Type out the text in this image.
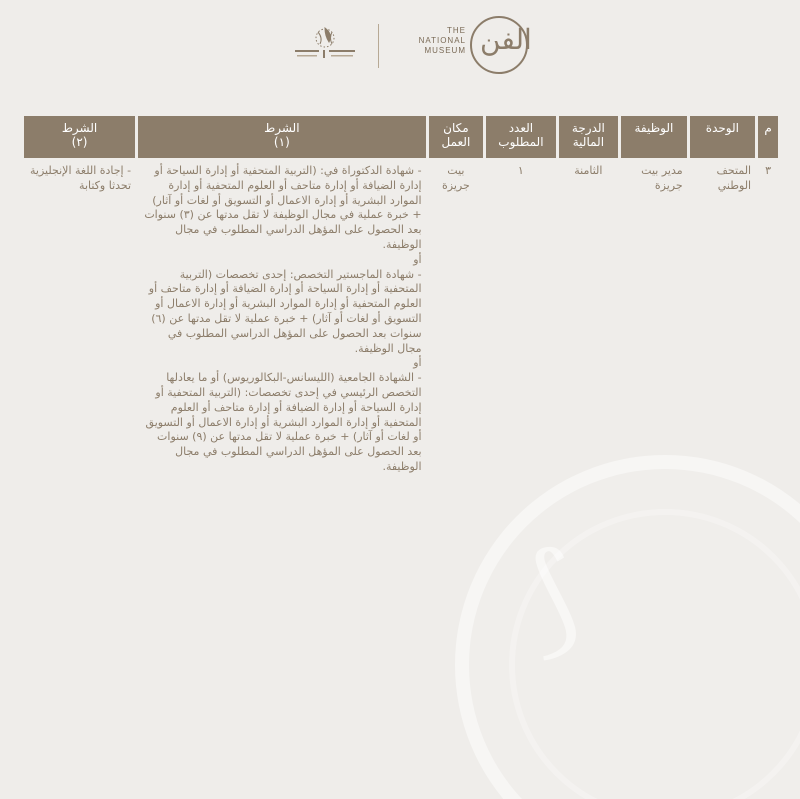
⟆
THE
NATIONAL
MUSEUM الفن
م
الوحدة
الوظيفة
الدرجة المالية
العدد المطلوب
مكان العمل
الشرط
(١)
الشرط
(٢)
٣
المتحف الوطني
مدير بيت جريزة
الثامنة
١
بيت جريزة

- شهادة الدكتوراة في: (التربية المتحفية أو إدارة السياحة أو إدارة الضيافة أو إدارة متاحف أو العلوم المتحفية أو إدارة الموارد البشرية أو إدارة الاعمال أو التسويق أو لغات أو آثار) + خبرة عملية في مجال الوظيفة لا تقل مدتها عن (٣) سنوات بعد الحصول على المؤهل الدراسي المطلوب في مجال الوظيفة.

أو

- شهادة الماجستير التخصص: إحدى تخصصات (التربية المتحفية أو إدارة السياحة أو إدارة الضيافة أو إدارة متاحف أو العلوم المتحفية أو إدارة الموارد البشرية أو إدارة الاعمال أو التسويق أو لغات أو آثار) + خبرة عملية لا تقل مدتها عن (٦) سنوات بعد الحصول على المؤهل الدراسي المطلوب في مجال الوظيفة.

أو

- الشهادة الجامعية (الليسانس-البكالوريوس) أو ما يعادلها التخصص الرئيسي في إحدى تخصصات: (التربية المتحفية أو إدارة السياحة أو إدارة الضيافة أو إدارة متاحف أو العلوم المتحفية أو إدارة الموارد البشرية أو إدارة الاعمال أو التسويق أو لغات أو آثار) + خبرة عملية لا تقل مدتها عن (٩) سنوات بعد الحصول على المؤهل الدراسي المطلوب في مجال الوظيفة.

- إجادة اللغة الإنجليزية تحدثا وكتابة
